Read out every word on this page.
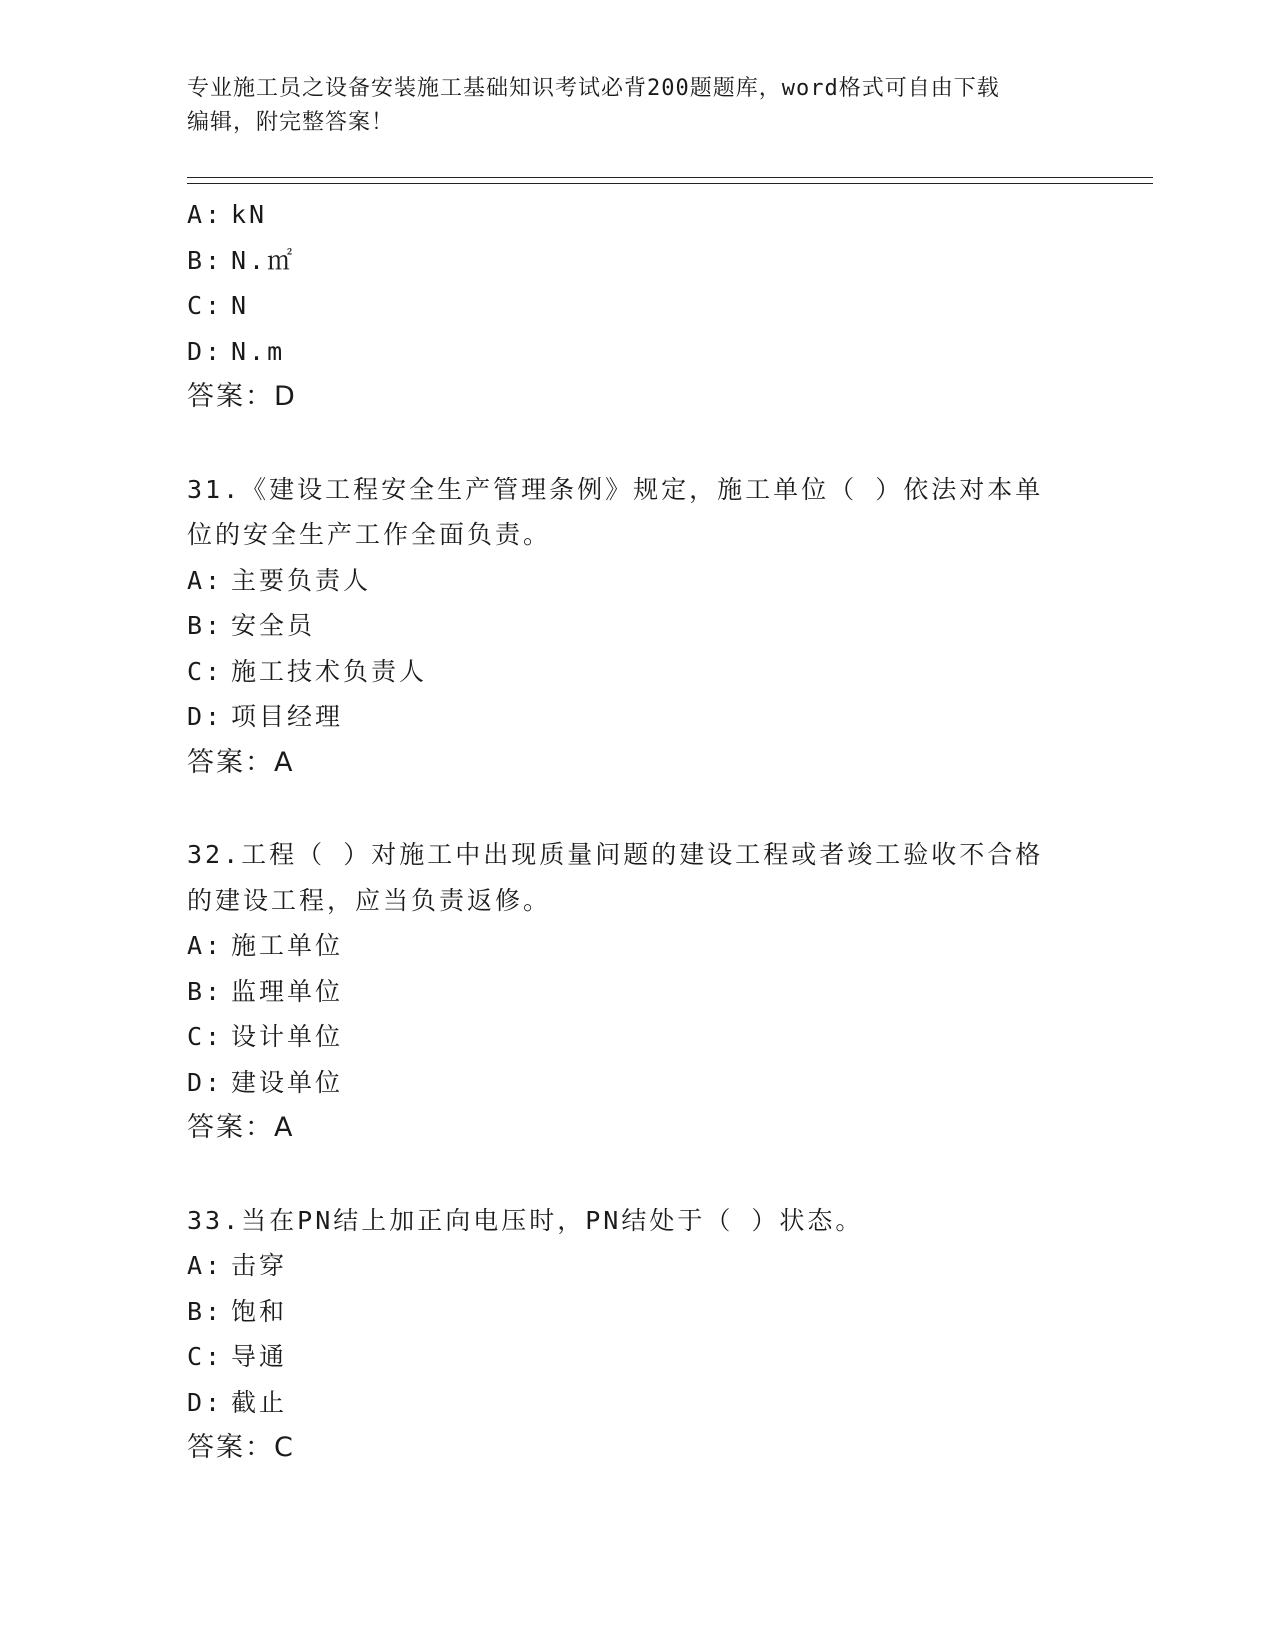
专业施工员之设备安装施工基础知识考试必背200题题库，word格式可自由下载
编辑，附完整答案！
A: kN
B: N.㎡
C: N
D: N.m
答案：D
31.《建设工程安全生产管理条例》规定，施工单位（ ）依法对本单
位的安全生产工作全面负责。
A: 主要负责人
B: 安全员
C: 施工技术负责人
D: 项目经理
答案：A
32.工程（ ）对施工中出现质量问题的建设工程或者竣工验收不合格
的建设工程，应当负责返修。
A: 施工单位
B: 监理单位
C: 设计单位
D: 建设单位
答案：A
33.当在PN结上加正向电压时，PN结处于（ ）状态。
A: 击穿
B: 饱和
C: 导通
D: 截止
答案：C
